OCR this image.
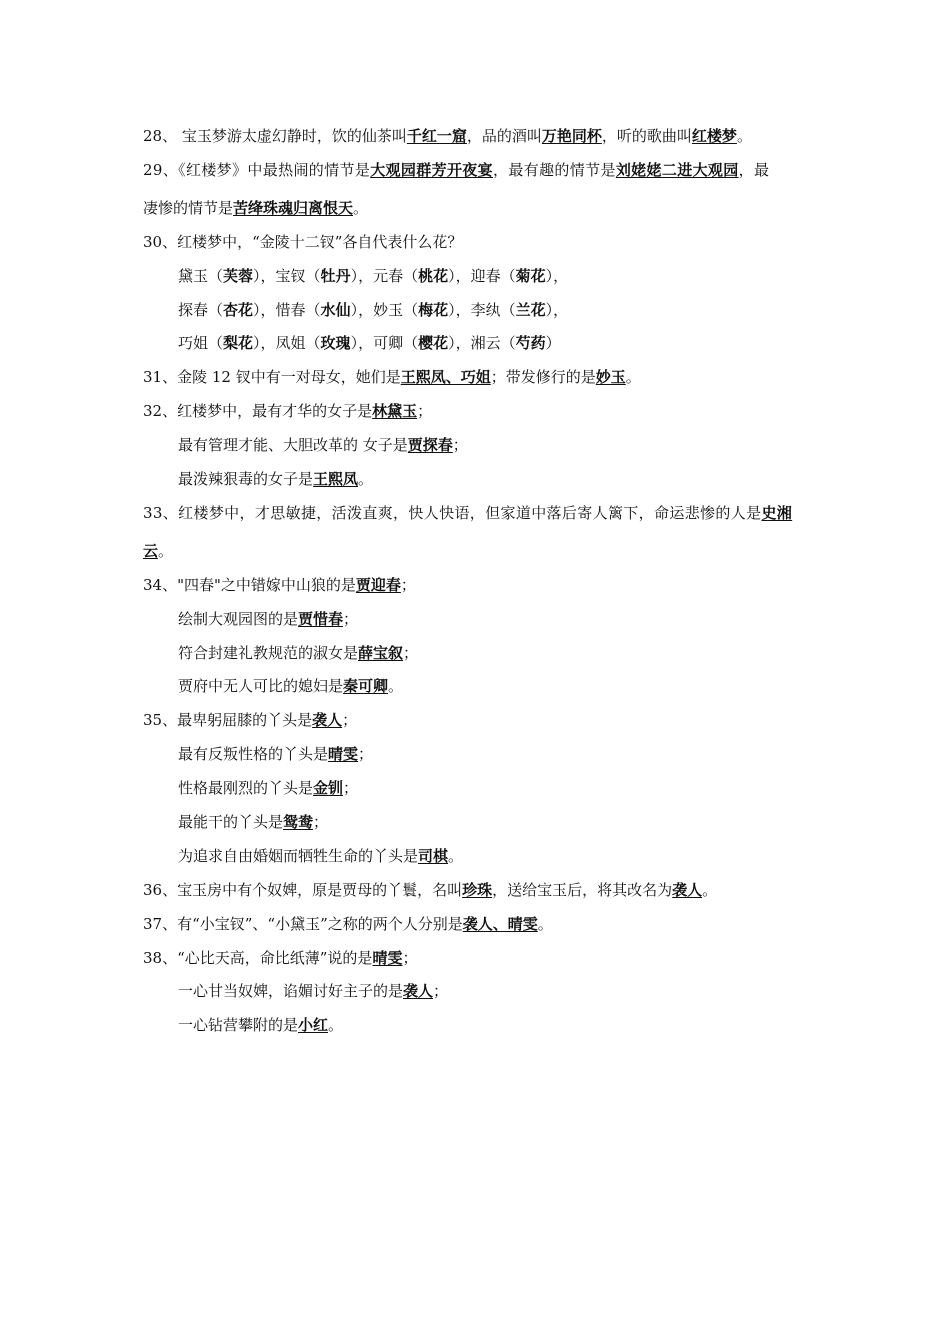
28、 宝玉梦游太虚幻静时，饮的仙茶叫千红一窟，品的酒叫万艳同杯，听的歌曲叫红楼梦。
29、《红楼梦》中最热闹的情节是大观园群芳开夜宴，最有趣的情节是刘姥姥二进大观园，最
凄惨的情节是苦绛珠魂归离恨天。
30、红楼梦中，“金陵十二钗”各自代表什么花？
黛玉（芙蓉），宝钗（牡丹），元春（桃花），迎春（菊花），
探春（杏花），惜春（水仙），妙玉（梅花），李纨（兰花），
巧姐（梨花），凤姐（玫瑰），可卿（樱花），湘云（芍药）
31、金陵 12 钗中有一对母女，她们是王熙凤、巧姐；带发修行的是妙玉。
32、红楼梦中，最有才华的女子是林黛玉；
最有管理才能、大胆改革的 女子是贾探春；
最泼辣狠毒的女子是王熙凤。
33、红楼梦中，才思敏捷，活泼直爽，快人快语，但家道中落后寄人篱下，命运悲惨的人是史湘
云。
34、"四春"之中错嫁中山狼的是贾迎春；
绘制大观园图的是贾惜春；
符合封建礼教规范的淑女是薛宝叙；
贾府中无人可比的媳妇是秦可卿。
35、最卑躬屈膝的丫头是袭人；
最有反叛性格的丫头是晴雯；
性格最刚烈的丫头是金钏；
最能干的丫头是鸳鸯；
为追求自由婚姻而牺牲生命的丫头是司棋。
36、宝玉房中有个奴婢，原是贾母的丫鬟，名叫珍珠，送给宝玉后，将其改名为袭人。
37、有“小宝钗”、“小黛玉”之称的两个人分别是袭人、晴雯。
38、“心比天高，命比纸薄”说的是晴雯；
一心甘当奴婢，谄媚讨好主子的是袭人；
一心钻营攀附的是小红。
